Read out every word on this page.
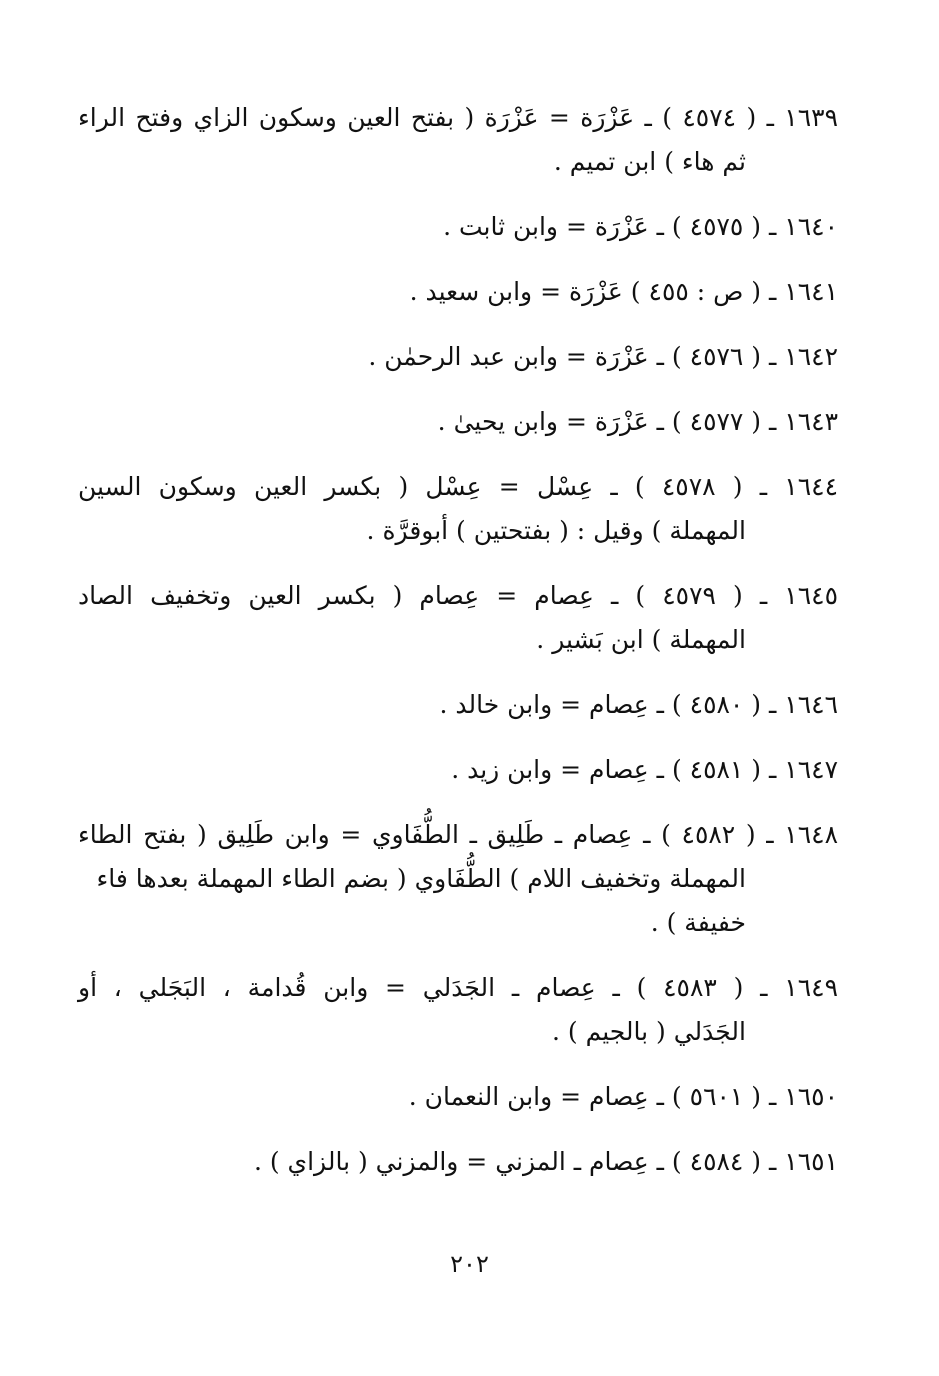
١٦٣٩ ـ ( ٤٥٧٤ ) ـ عَزْرَة = عَزْرَة ( بفتح العين وسكون الزاي وفتح الراء
ثم هاء ) ابن تميم .
١٦٤٠ ـ ( ٤٥٧٥ ) ـ عَزْرَة = وابن ثابت .
١٦٤١ ـ ( ص : ٤٥٥ ) عَزْرَة = وابن سعيد .
١٦٤٢ ـ ( ٤٥٧٦ ) ـ عَزْرَة = وابن عبد الرحمٰن .
١٦٤٣ ـ ( ٤٥٧٧ ) ـ عَزْرَة = وابن يحيىٰ .
١٦٤٤ ـ ( ٤٥٧٨ ) ـ عِسْل = عِسْل ( بكسر العين وسكون السين
المهملة ) وقيل : ( بفتحتين ) أبوقرَّة .
١٦٤٥ ـ ( ٤٥٧٩ ) ـ عِصام = عِصام ( بكسر العين وتخفيف الصاد
المهملة ) ابن بَشير .
١٦٤٦ ـ ( ٤٥٨٠ ) ـ عِصام = وابن خالد .
١٦٤٧ ـ ( ٤٥٨١ ) ـ عِصام = وابن زيد .
١٦٤٨ ـ ( ٤٥٨٢ ) ـ عِصام ـ طَلِيق ـ الطُّفَاوي = وابن طَلِيق ( بفتح الطاء
المهملة وتخفيف اللام ) الطُّفَاوي ( بضم الطاء المهملة بعدها فاء
خفيفة ) .
١٦٤٩ ـ ( ٤٥٨٣ ) ـ عِصام ـ الجَدَلي = وابن قُدامة ، البَجَلي ، أو
الجَدَلي ( بالجيم ) .
١٦٥٠ ـ ( ٥٦٠١ ) ـ عِصام = وابن النعمان .
١٦٥١ ـ ( ٤٥٨٤ ) ـ عِصام ـ المزني = والمزني ( بالزاي ) .
٢٠٢
